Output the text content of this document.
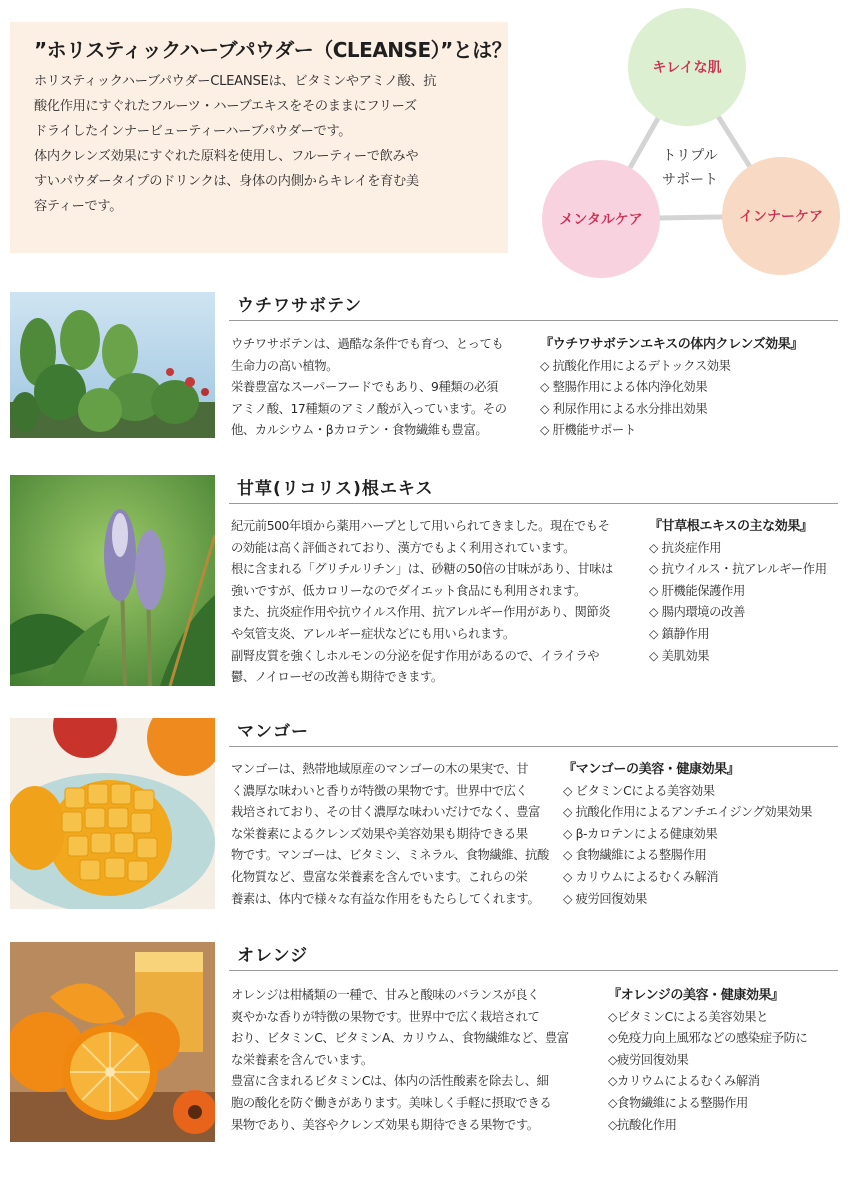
”ホリスティックハーブパウダー（CLEANSE）”とは？

ホリスティックハーブパウダーCLEANSEは、ビタミンやアミノ酸、抗
酸化作用にすぐれたフルーツ・ハーブエキスをそのままにフリーズ
ドライしたインナービューティーハーブパウダーです。
体内クレンズ効果にすぐれた原料を使用し、フルーティーで飲みや
すいパウダータイプのドリンクは、身体の内側からキレイを育む美
容ティーです。

キレイな肌
メンタルケア	インナーケア
トリプル
サポート
ウチワサボテン

ウチワサボテンは、過酷な条件でも育つ、とっても
生命力の高い植物。
栄養豊富なスーパーフードでもあり、9種類の必須
アミノ酸、17種類のアミノ酸が入っています。その
他、カルシウム・βカロテン・食物繊維も豊富。

『ウチワサボテンエキスの体内クレンズ効果』
◇ 抗酸化作用によるデトックス効果
◇ 整腸作用による体内浄化効果
◇ 利尿作用による水分排出効果
◇ 肝機能サポート
甘草(リコリス)根エキス

紀元前500年頃から薬用ハーブとして用いられてきました。現在でもそ
の効能は高く評価されており、漢方でもよく利用されています。
根に含まれる「グリチルリチン」は、砂糖の50倍の甘味があり、甘味は
強いですが、低カロリーなのでダイエット食品にも利用されます。
また、抗炎症作用や抗ウイルス作用、抗アレルギー作用があり、関節炎
や気管支炎、アレルギー症状などにも用いられます。
副腎皮質を強くしホルモンの分泌を促す作用があるので、イライラや
鬱、ノイローゼの改善も期待できます。

『甘草根エキスの主な効果』
◇ 抗炎症作用
◇ 抗ウイルス・抗アレルギー作用
◇ 肝機能保護作用
◇ 腸内環境の改善
◇ 鎮静作用
◇ 美肌効果
マンゴー

マンゴーは、熱帯地域原産のマンゴーの木の果実で、甘
く濃厚な味わいと香りが特徴の果物です。世界中で広く
栽培されており、その甘く濃厚な味わいだけでなく、豊富
な栄養素によるクレンズ効果や美容効果も期待できる果
物です。マンゴーは、ビタミン、ミネラル、食物繊維、抗酸
化物質など、豊富な栄養素を含んでいます。これらの栄
養素は、体内で様々な有益な作用をもたらしてくれます。

『マンゴーの美容・健康効果』
◇ ビタミンCによる美容効果
◇ 抗酸化作用によるアンチエイジング効果効果
◇ β-カロテンによる健康効果
◇ 食物繊維による整腸作用
◇ カリウムによるむくみ解消
◇ 疲労回復効果
オレンジ

オレンジは柑橘類の一種で、甘みと酸味のバランスが良く
爽やかな香りが特徴の果物です。世界中で広く栽培されて
おり、ビタミンC、ビタミンA、カリウム、食物繊維など、豊富
な栄養素を含んでいます。
豊富に含まれるビタミンCは、体内の活性酸素を除去し、細
胞の酸化を防ぐ働きがあります。美味しく手軽に摂取できる
果物であり、美容やクレンズ効果も期待できる果物です。

『オレンジの美容・健康効果』
◇ビタミンCによる美容効果と
◇免疫力向上風邪などの感染症予防に
◇疲労回復効果
◇カリウムによるむくみ解消
◇食物繊維による整腸作用
◇抗酸化作用
